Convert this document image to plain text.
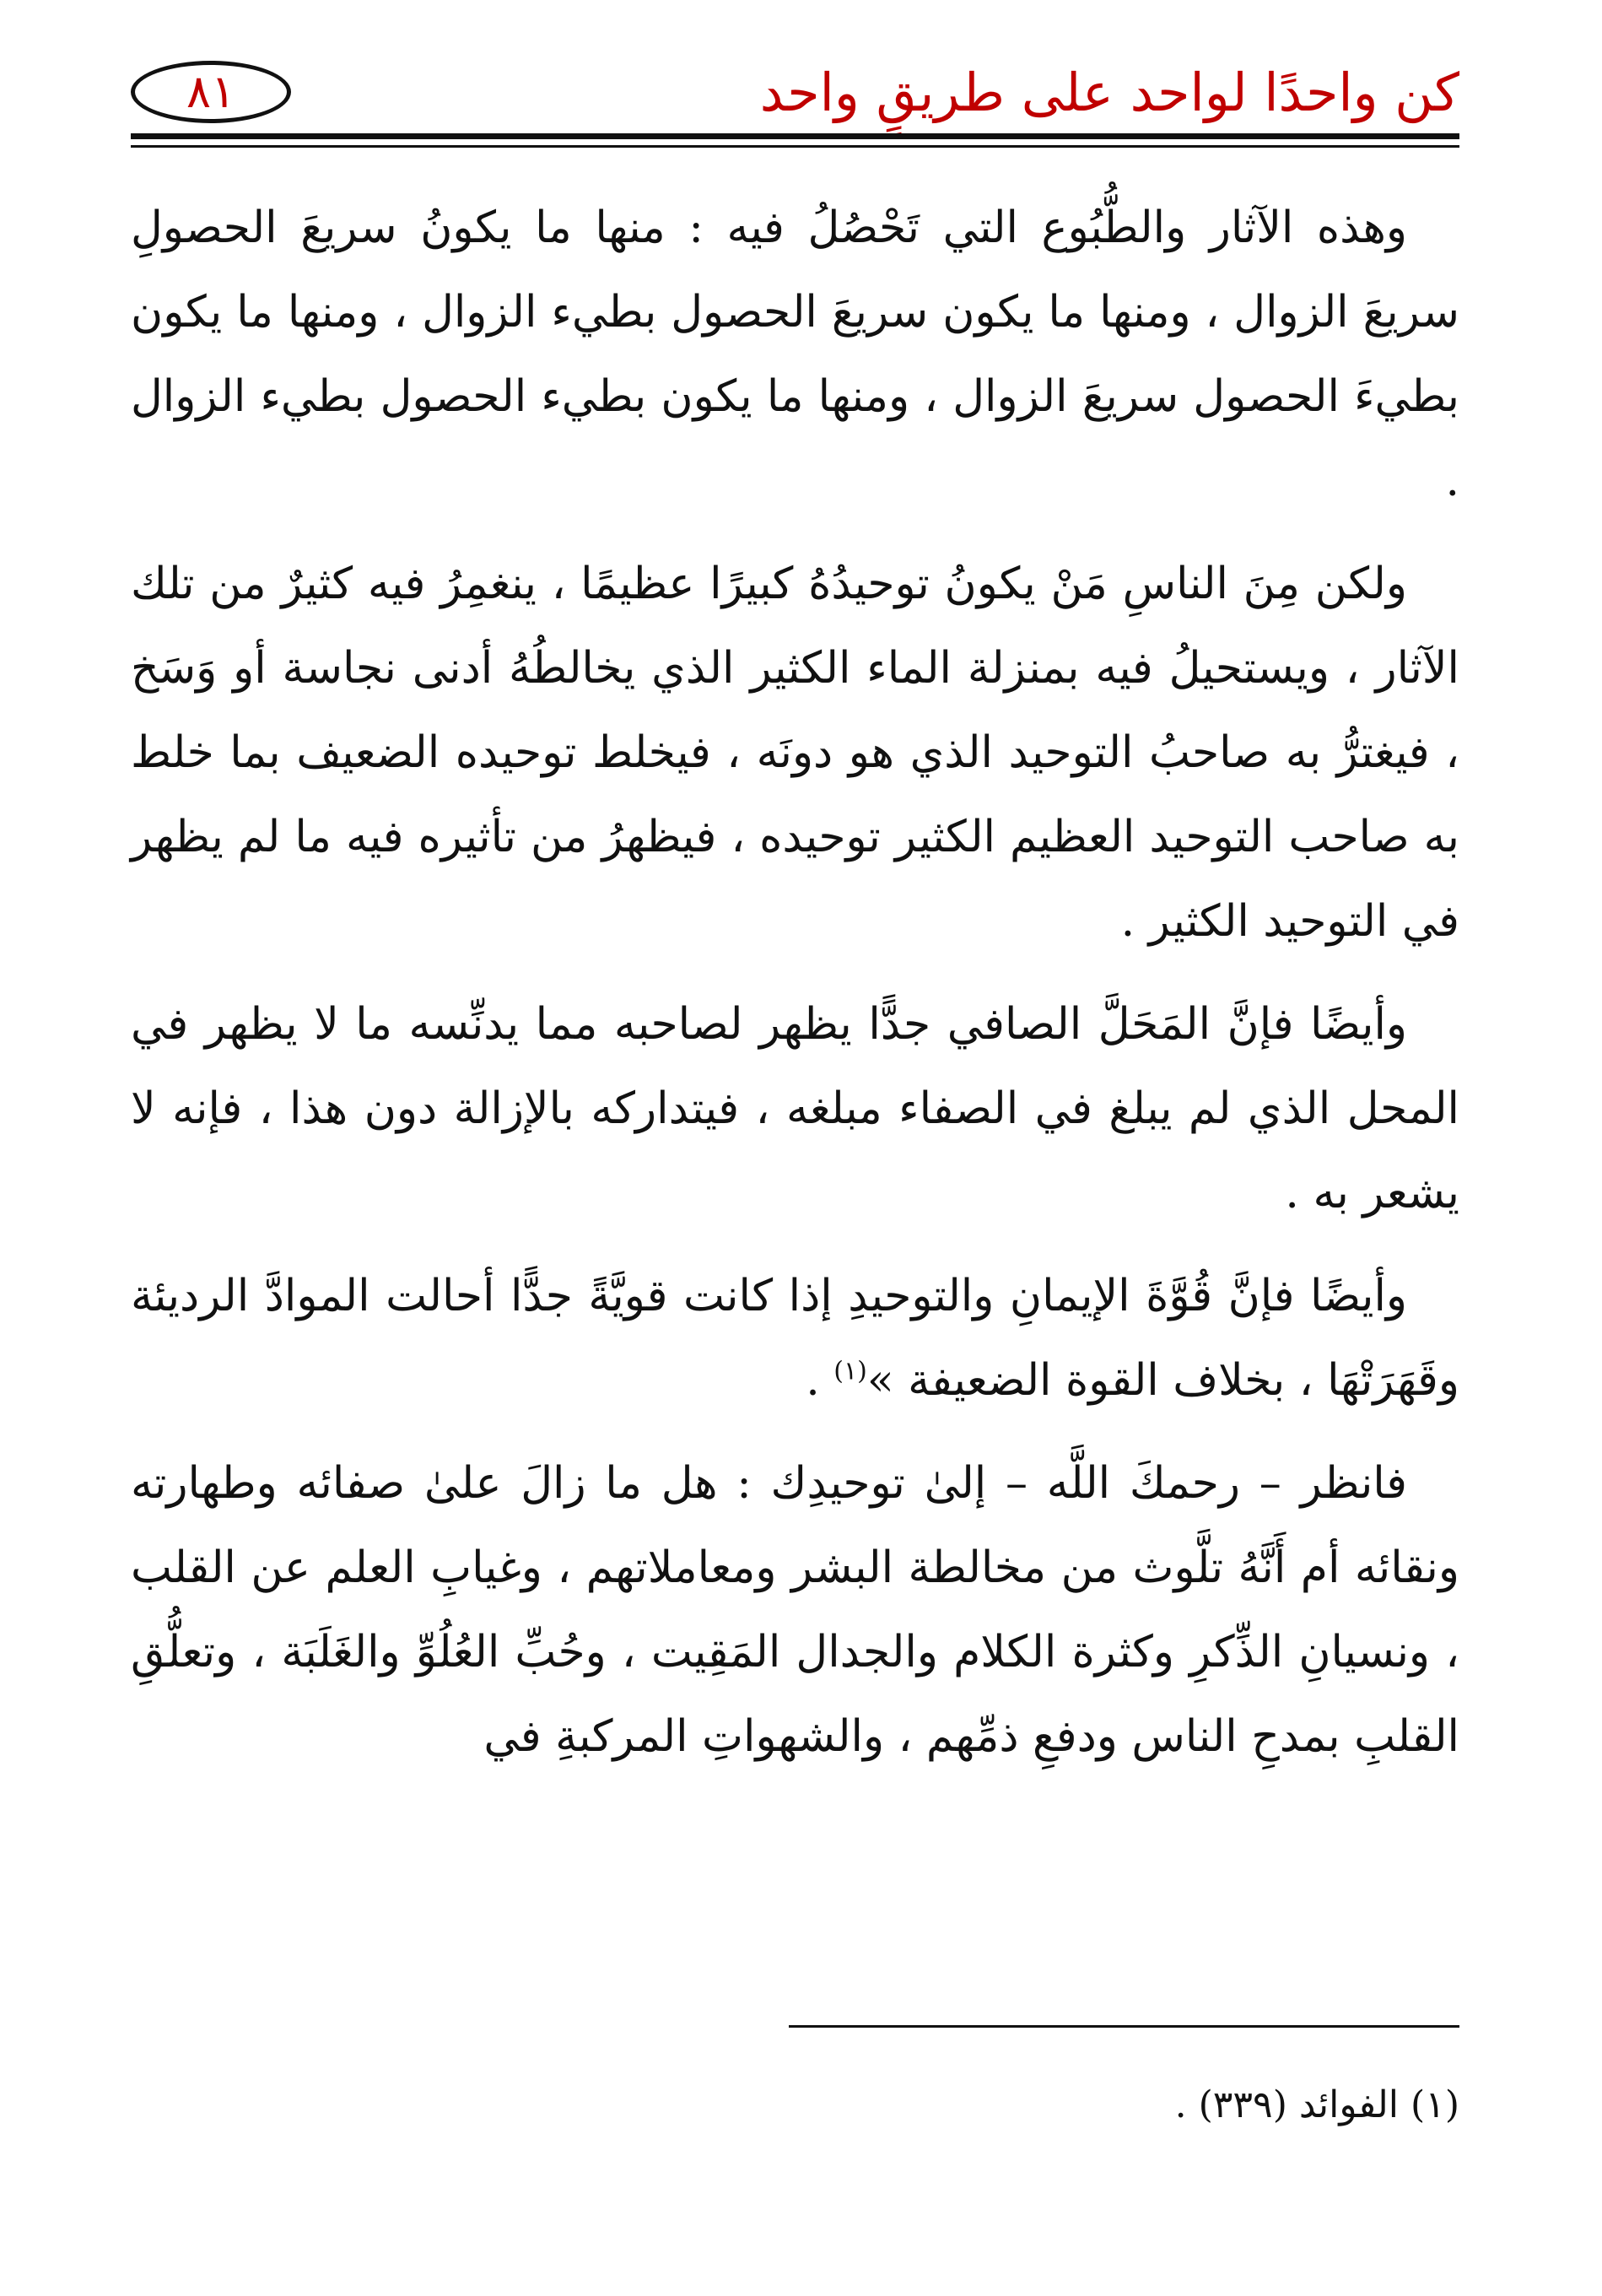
كن واحدًا لواحد على طريقٍ واحد
٨١

وهذه الآثار والطُّبُوع التي تَحْصُلُ فيه : منها ما يكونُ سريعَ الحصولِ سريعَ الزوال ، ومنها ما يكون سريعَ الحصول بطيء الزوال ، ومنها ما يكون بطيءَ الحصول سريعَ الزوال ، ومنها ما يكون بطيء الحصول بطيء الزوال .

ولكن مِنَ الناسِ مَنْ يكونُ توحيدُهُ كبيرًا عظيمًا ، ينغمِرُ فيه كثيرٌ من تلك الآثار ، ويستحيلُ فيه بمنزلة الماء الكثير الذي يخالطُهُ أدنى نجاسة أو وَسَخ ، فيغترُّ به صاحبُ التوحيد الذي هو دونَه ، فيخلط توحيده الضعيف بما خلط به صاحب التوحيد العظيم الكثير توحيده ، فيظهرُ من تأثيره فيه ما لم يظهر في التوحيد الكثير .

وأيضًا فإنَّ المَحَلَّ الصافي جدًّا يظهر لصاحبه مما يدنِّسه ما لا يظهر في المحل الذي لم يبلغ في الصفاء مبلغه ، فيتداركه بالإزالة دون هذا ، فإنه لا يشعر به .

وأيضًا فإنَّ قُوَّةَ الإيمانِ والتوحيدِ إذا كانت قويَّةً جدًّا أحالت الموادَّ الرديئة وقَهَرَتْهَا ، بخلاف القوة الضعيفة »$^{(١)}$ .

فانظر – رحمكَ اللَّه – إلىٰ توحيدِك : هل ما زالَ علىٰ صفائه وطهارته ونقائه أم أَنَّهُ تلَّوث من مخالطة البشر ومعاملاتهم ، وغيابِ العلم عن القلب ، ونسيانِ الذِّكرِ وكثرة الكلام والجدال المَقِيت ، وحُبِّ العُلُوِّ والغَلَبَة ، وتعلُّقِ القلبِ بمدحِ الناس ودفعِ ذمِّهم ، والشهواتِ المركبةِ في

(١) الفوائد (٣٣٩) .
